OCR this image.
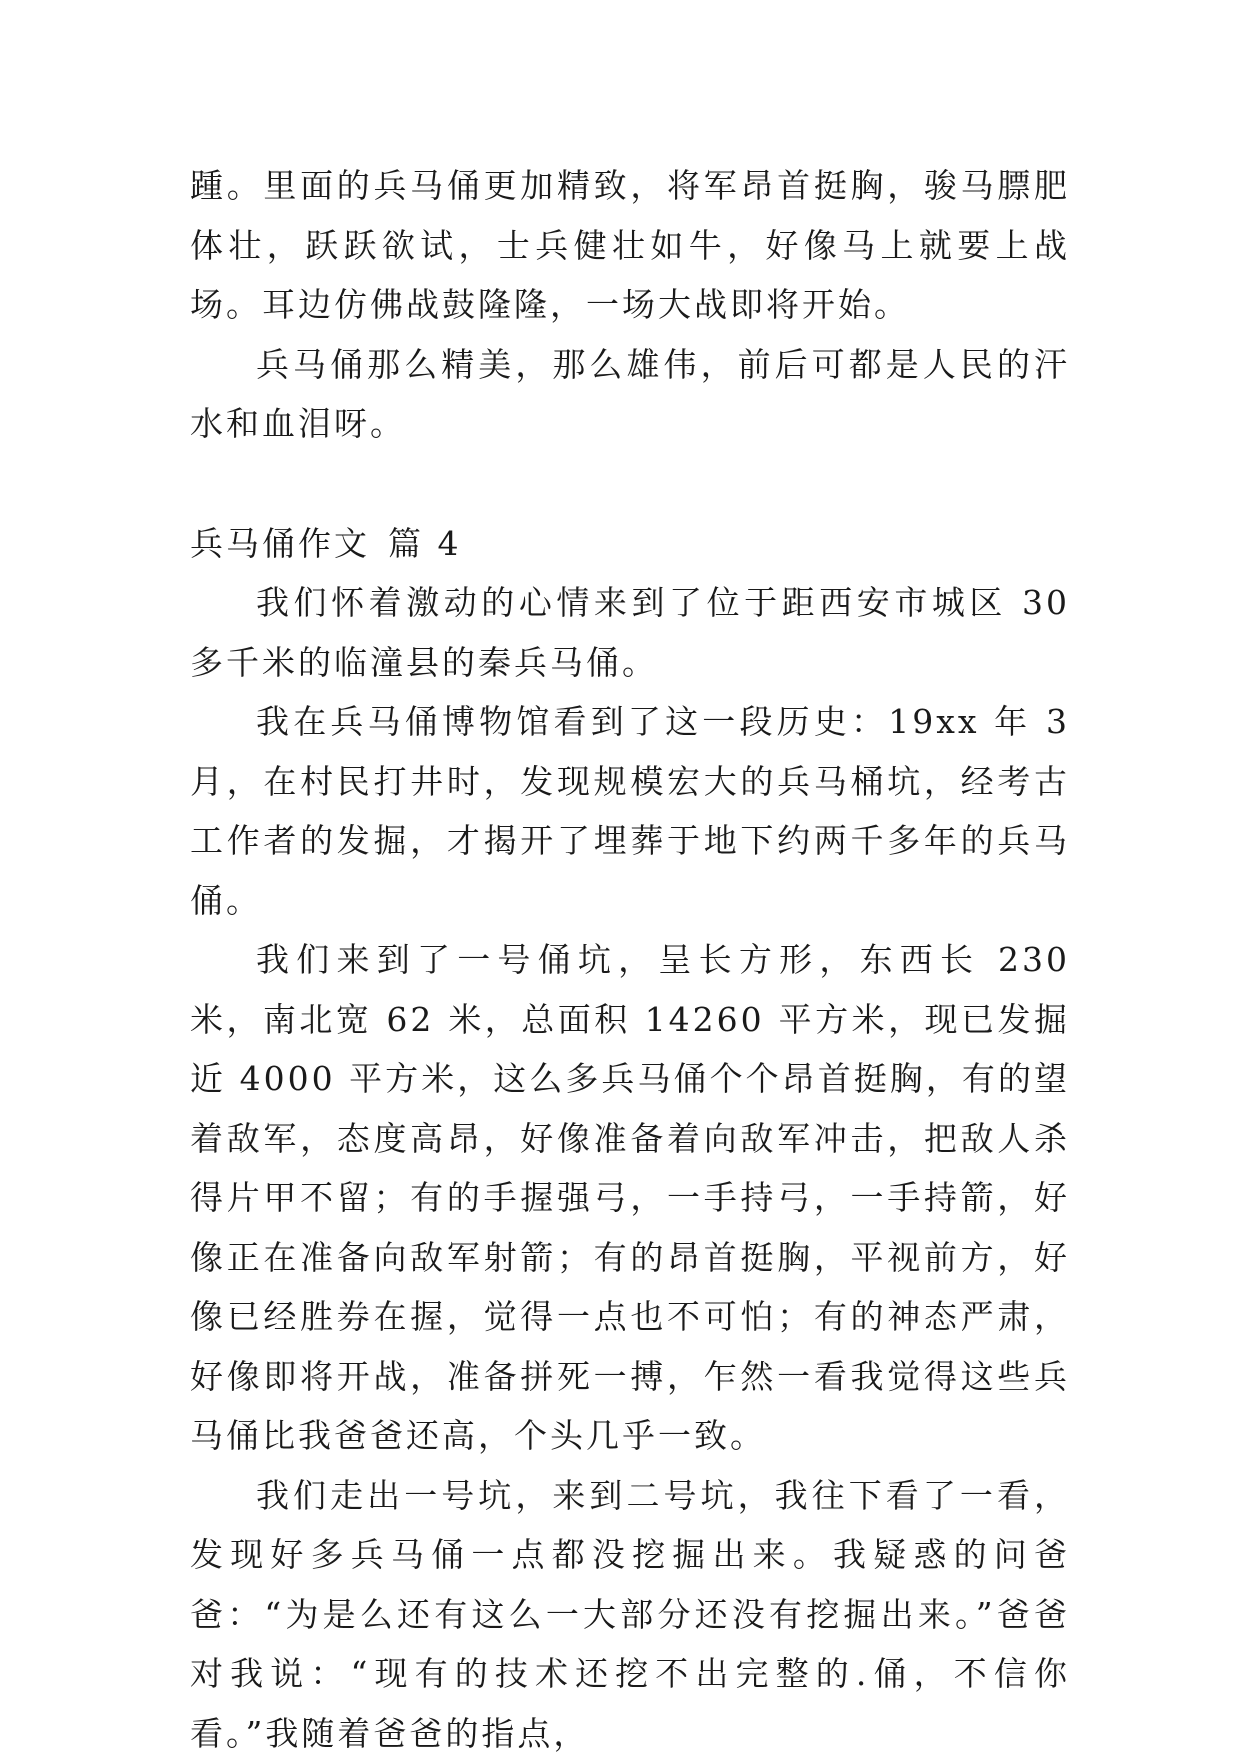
踵。里面的兵马俑更加精致，将军昂首挺胸，骏马膘肥体壮，跃跃欲试，士兵健壮如牛，好像马上就要上战场。耳边仿佛战鼓隆隆，一场大战即将开始。

兵马俑那么精美，那么雄伟，前后可都是人民的汗水和血泪呀。

兵马俑作文 篇 4

我们怀着激动的心情来到了位于距西安市城区 30 多千米的临潼县的秦兵马俑。

我在兵马俑博物馆看到了这一段历史：19xx 年 3 月，在村民打井时，发现规模宏大的兵马桶坑，经考古工作者的发掘，才揭开了埋葬于地下约两千多年的兵马俑。

我们来到了一号俑坑，呈长方形，东西长 230 米，南北宽 62 米，总面积 14260 平方米，现已发掘近 4000 平方米，这么多兵马俑个个昂首挺胸，有的望着敌军，态度高昂，好像准备着向敌军冲击，把敌人杀得片甲不留；有的手握强弓，一手持弓，一手持箭，好像正在准备向敌军射箭；有的昂首挺胸，平视前方，好像已经胜券在握，觉得一点也不可怕；有的神态严肃，好像即将开战，准备拼死一搏，乍然一看我觉得这些兵马俑比我爸爸还高，个头几乎一致。

我们走出一号坑，来到二号坑，我往下看了一看，发现好多兵马俑一点都没挖掘出来。我疑惑的问爸爸：“为是么还有这么一大部分还没有挖掘出来。”爸爸对我说：“现有的技术还挖不出完整的.俑，不信你看。”我随着爸爸的指点，
